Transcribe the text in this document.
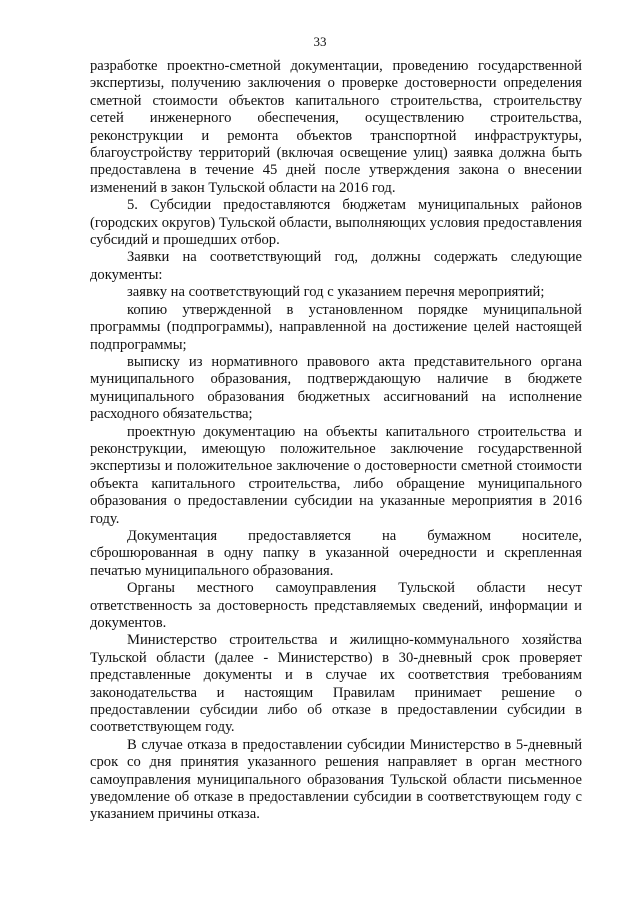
33

разработке проектно-сметной документации, проведению государственной экспертизы, получению заключения о проверке достоверности определения сметной стоимости объектов капитального строительства, строительству сетей инженерного обеспечения, осуществлению строительства, реконструкции и ремонта объектов транспортной инфраструктуры, благоустройству территорий (включая освещение улиц) заявка должна быть предоставлена в течение 45 дней после утверждения закона о внесении изменений в закон Тульской области на 2016 год.

5. Субсидии предоставляются бюджетам муниципальных районов (городских округов) Тульской области, выполняющих условия предоставления субсидий и прошедших отбор.

Заявки на соответствующий год, должны содержать следующие документы:

заявку на соответствующий год с указанием перечня мероприятий;

копию утвержденной в установленном порядке муниципальной программы (подпрограммы), направленной на достижение целей настоящей подпрограммы;

выписку из нормативного правового акта представительного органа муниципального образования, подтверждающую наличие в бюджете муниципального образования бюджетных ассигнований на исполнение расходного обязательства;

проектную документацию на объекты капитального строительства и реконструкции, имеющую положительное заключение государственной экспертизы и положительное заключение о достоверности сметной стоимости объекта капитального строительства, либо обращение муниципального образования о предоставлении субсидии на указанные мероприятия в 2016 году.

Документация предоставляется на бумажном носителе, сброшюрованная в одну папку в указанной очередности и скрепленная печатью муниципального образования.

Органы местного самоуправления Тульской области несут ответственность за достоверность представляемых сведений, информации и документов.

Министерство строительства и жилищно-коммунального хозяйства Тульской области (далее - Министерство) в 30-дневный срок проверяет представленные документы и в случае их соответствия требованиям законодательства и настоящим Правилам принимает решение о предоставлении субсидии либо об отказе в предоставлении субсидии в соответствующем году.

В случае отказа в предоставлении субсидии Министерство в 5-дневный срок со дня принятия указанного решения направляет в орган местного самоуправления муниципального образования Тульской области письменное уведомление об отказе в предоставлении субсидии в соответствующем году с указанием причины отказа.
